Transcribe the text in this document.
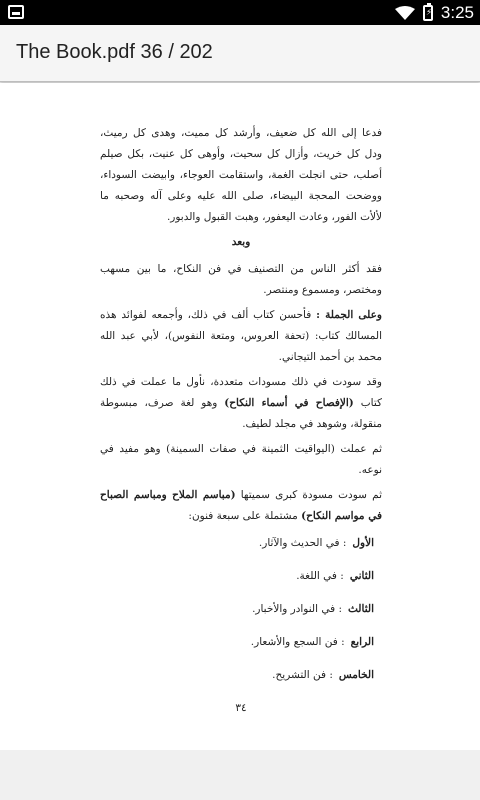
⚡ 3:25
The Book.pdf 36 / 202

فدعا إلى الله كل ضعيف، وأرشد كل مميت، وهدى كل رميث، ودل كل خريت، وأزال كل سحيت، وأوهى كل عنيت، بكل صيلم أصلب، حتى انجلت الغمة، واستقامت العوجاء، وابيضت السوداء، ووضحت المحجة البيضاء، صلى الله عليه وعلى آله وصحبه ما لألأت الفور، وعادت اليعفور، وهبت القبول والدبور.

وبعد

فقد أكثر الناس من التصنيف في فن النكاح، ما بين مسهب ومختصر، ومسموع ومنتصر.

وعلى الجملة : فأحسن كتاب ألف في ذلك، وأجمعه لفوائد هذه المسالك كتاب: (تحفة العروس، ومتعة النفوس)، لأبي عبد الله محمد بن أحمد التيجاني.

وقد سودت في ذلك مسودات متعددة، نأول ما عملت في ذلك كتاب (الإفصاح في أسماء النكاح) وهو لغة صرف، مبسوطة منقولة، وشوهد في مجلد لطيف.

ثم عملت (اليواقيت الثمينة في صفات السمينة) وهو مفيد في نوعه.

ثم سودت مسودة كبرى سميتها (مباسم الملاح ومباسم الصباح في مواسم النكاح) مشتملة على سبعة فنون:

الأول: في الحديث والآثار.
الثاني: في اللغة.
الثالث: في النوادر والأخبار.
الرابع: فن السجع والأشعار.
الخامس: فن التشريح.
٣٤
